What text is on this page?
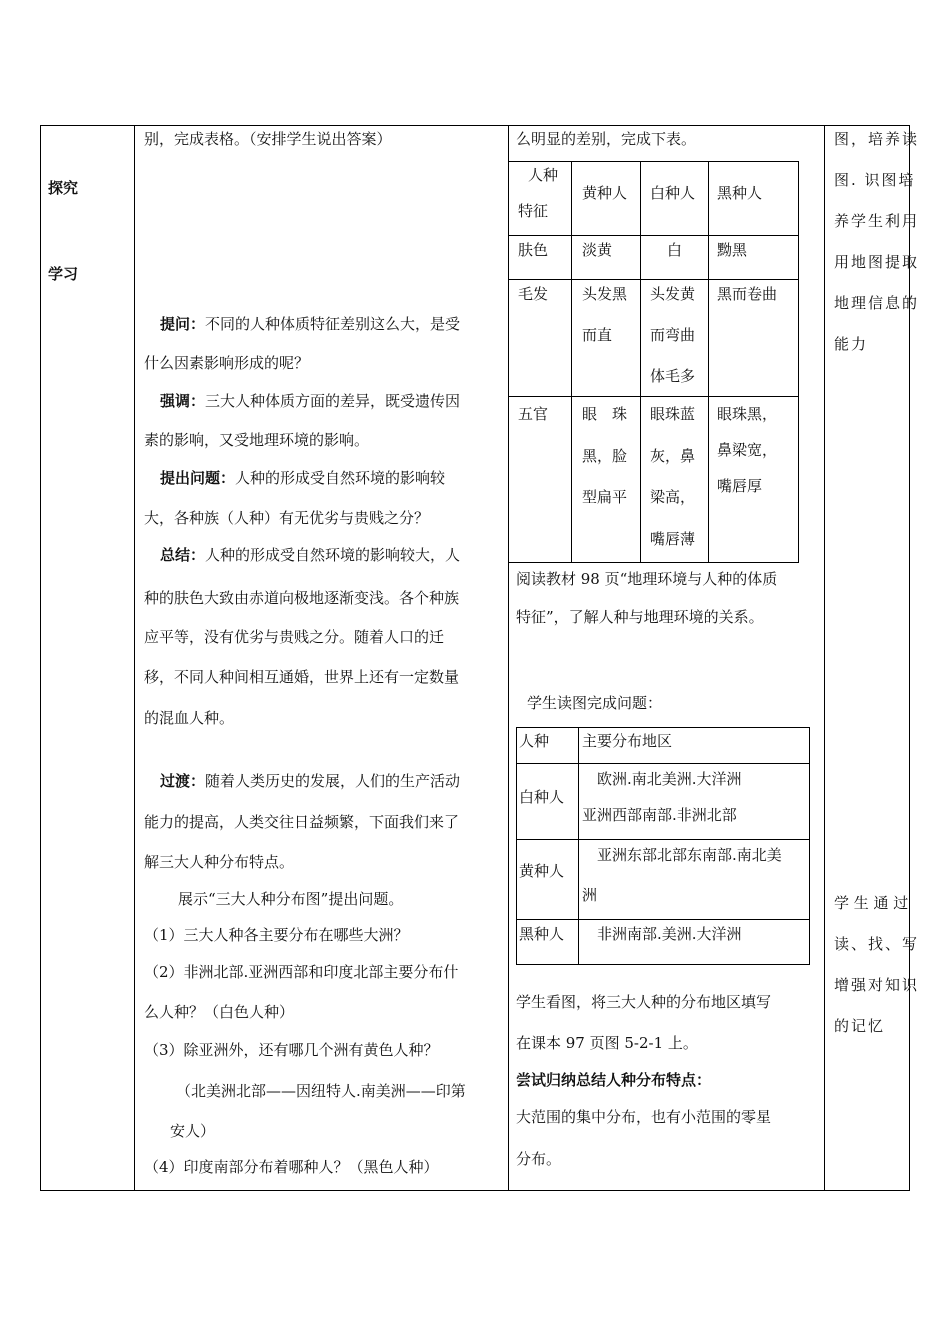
探究
学习
别，完成表格。（安排学生说出答案）
提问：不同的人种体质特征差别这么大，是受
什么因素影响形成的呢？
强调：三大人种体质方面的差异，既受遗传因
素的影响，又受地理环境的影响。
提出问题：人种的形成受自然环境的影响较
大，各种族（人种）有无优劣与贵贱之分？
总结：人种的形成受自然环境的影响较大，人
种的肤色大致由赤道向极地逐渐变浅。各个种族
应平等，没有优劣与贵贱之分。随着人口的迁
移，不同人种间相互通婚，世界上还有一定数量
的混血人种。
过渡：随着人类历史的发展，人们的生产活动
能力的提高，人类交往日益频繁，下面我们来了
解三大人种分布特点。
展示“三大人种分布图”提出问题。
（1）三大人种各主要分布在哪些大洲？
（2）非洲北部.亚洲西部和印度北部主要分布什
么人种？（白色人种）
（3）除亚洲外，还有哪几个洲有黄色人种？
（北美洲北部——因纽特人.南美洲——印第
安人）
（4）印度南部分布着哪种人？（黑色人种）
么明显的差别，完成下表。
人种
特征
黄种人 白种人 黑种人
肤色 淡黄	白 黝黑
毛发 头发黑
而直
头发黄
而弯曲
体毛多
黑而卷曲
五官 眼　珠
黑，脸
型扁平
眼珠蓝
灰，鼻
梁高，
嘴唇薄
眼珠黑，
鼻梁宽，
嘴唇厚
阅读教材 98 页“地理环境与人种的体质
特征”，了解人种与地理环境的关系。
学生读图完成问题：
人种 主要分布地区
白种人
欧洲.南北美洲.大洋洲
亚洲西部南部.非洲北部
黄种人
亚洲东部北部东南部.南北美
洲
黑种人 非洲南部.美洲.大洋洲
学生看图，将三大人种的分布地区填写
在课本 97 页图 5-2-1 上。
尝试归纳总结人种分布特点：
大范围的集中分布，也有小范围的零星
分布。
图，培养读
图. 识图培
养学生利用
用地图提取
地理信息的
能力
学 生 通 过
读、找、写
增强对知识
的记忆
